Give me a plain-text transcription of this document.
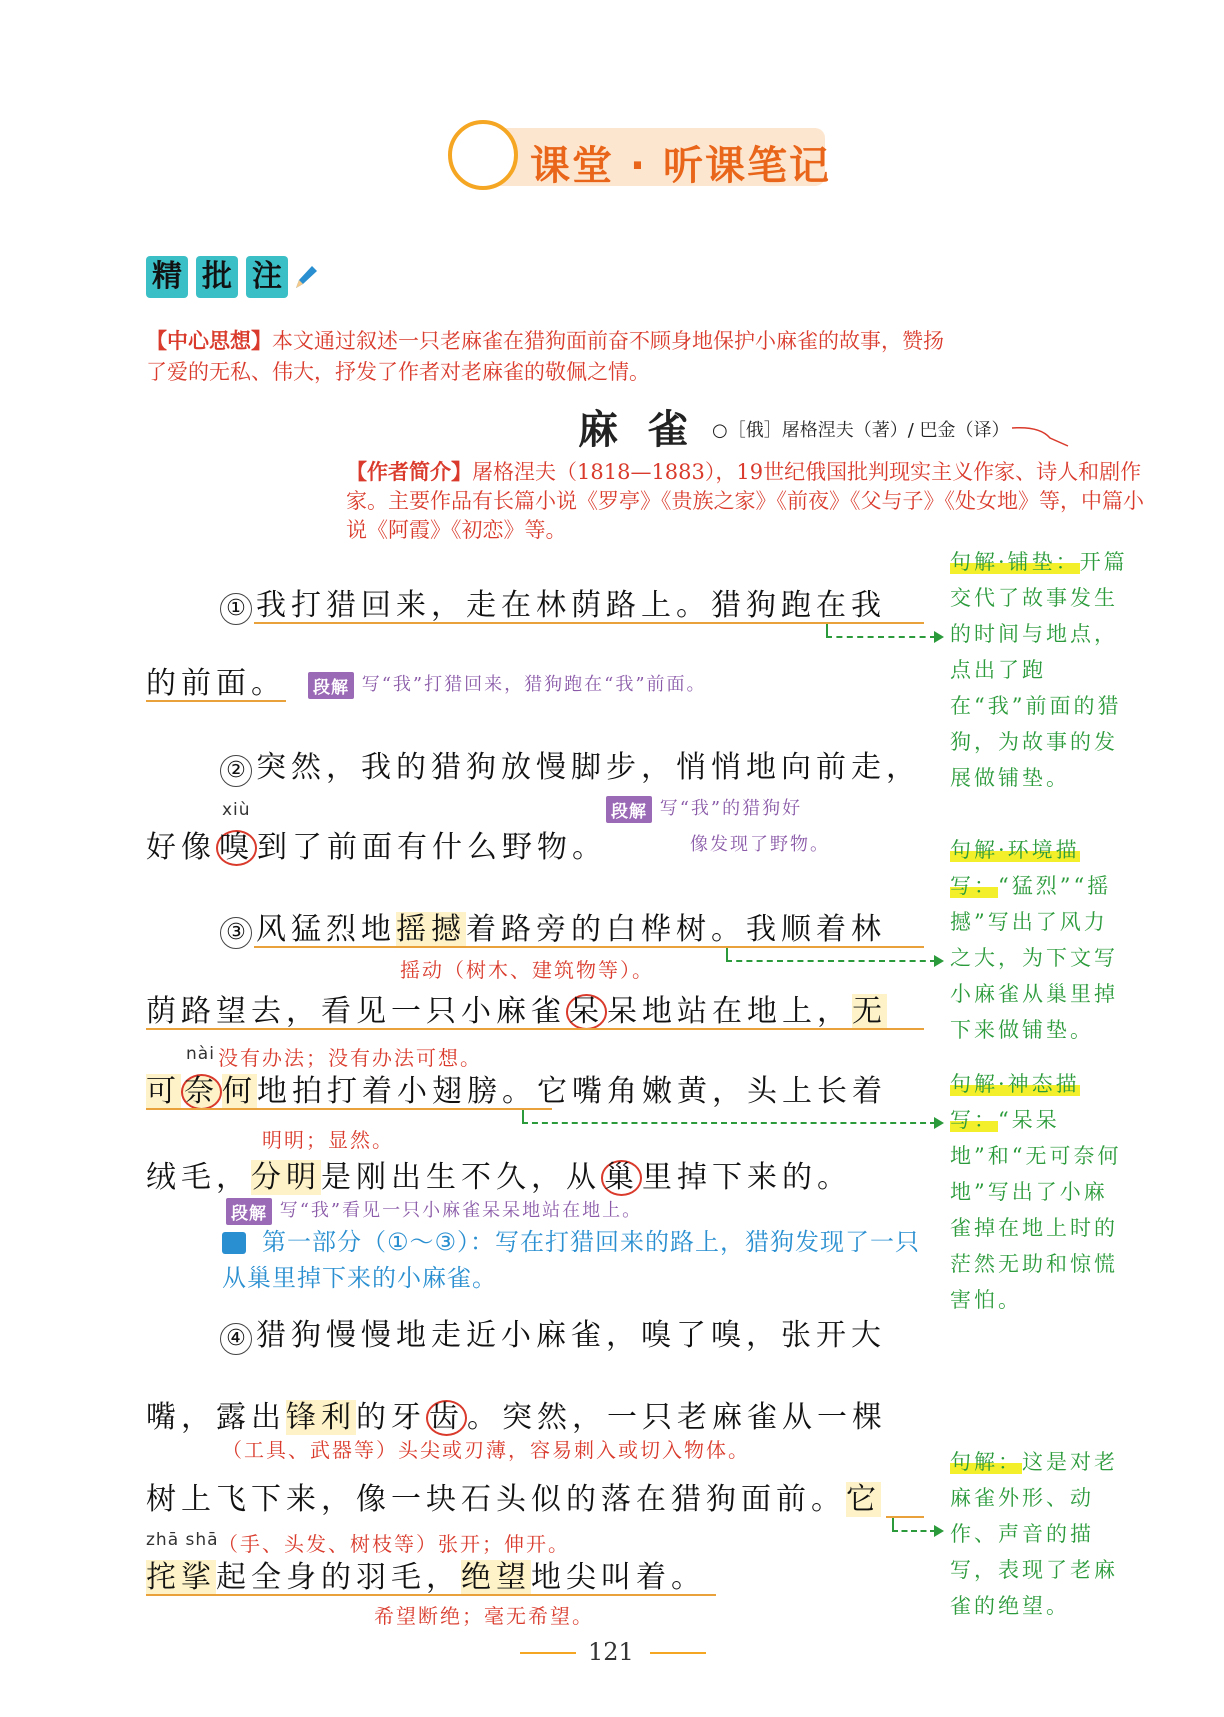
课堂 · 听课笔记
精 批 注
【中心思想】本文通过叙述一只老麻雀在猎狗面前奋不顾身地保护小麻雀的故事，赞扬了爱的无私、伟大，抒发了作者对老麻雀的敬佩之情。
麻雀
○［俄］屠格涅夫（著）/ 巴金（译）
【作者简介】屠格涅夫（1818—1883），19世纪俄国批判现实主义作家、诗人和剧作家。主要作品有长篇小说《罗亭》《贵族之家》《前夜》《父与子》《处女地》等，中篇小说《阿霞》《初恋》等。
① 我打猎回来，走在林荫路上。猎狗跑在我
的前面。 段解 写“我”打猎回来，猎狗跑在“我”前面。
② 突然，我的猎狗放慢脚步，悄悄地向前走，
xiù
好像 嗅 到了前面有什么野物。
段解 写“我”的猎狗好
像发现了野物。
③ 风猛烈地摇撼着路旁的白桦树。我顺着林
摇动（树木、建筑物等）。
荫路望去，看见一只小麻雀 呆 呆地站在地上，无
nài 没有办法；没有办法可想。
可 奈 何地拍打着小翅膀。它嘴角嫩黄，头上长着
明明；显然。
绒毛，分明是刚出生不久，从 巢 里掉下来的。
段解 写“我”看见一只小麻雀呆呆地站在地上。
第一部分（①～③）：写在打猎回来的路上，猎狗发现了一只从巢里掉下来的小麻雀。
④ 猎狗慢慢地走近小麻雀，嗅了嗅，张开大
嘴，露出锋利的牙 齿 。突然，一只老麻雀从一棵
（工具、武器等）头尖或刃薄，容易刺入或切入物体。
树上飞下来，像一块石头似的落在猎狗面前。它
zhā shā （手、头发、树枝等）张开；伸开。
挓挲起全身的羽毛，绝望地尖叫着。
希望断绝；毫无希望。
句解·铺垫：开篇交代了故事发生的时间与地点，点出了跑在“我”前面的猎狗，为故事的发展做铺垫。
句解·环境描写：“猛烈”“摇撼”写出了风力之大，为下文写小麻雀从巢里掉下来做铺垫。
句解·神态描写：“呆呆地”和“无可奈何地”写出了小麻雀掉在地上时的茫然无助和惊慌害怕。
句解：这是对老麻雀外形、动作、声音的描写，表现了老麻雀的绝望。
121
